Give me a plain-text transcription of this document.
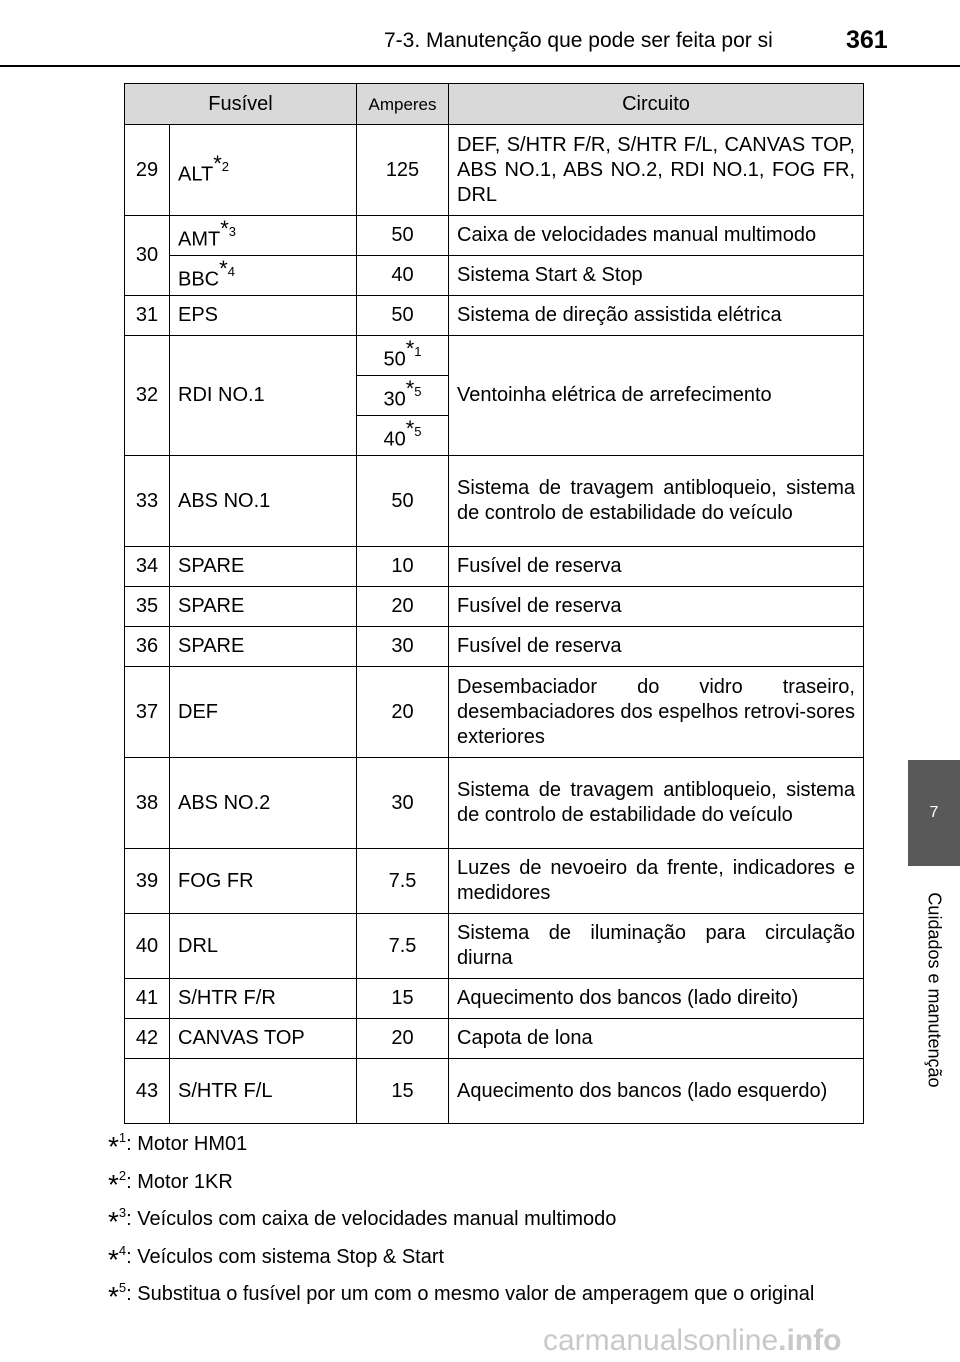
7-3. Manutenção que pode ser feita por si	361
7
Cuidados e manutenção
Fusível		Amperes	Circuito
29	ALT$^{*2}$	125	DEF, S/HTR F/R, S/HTR F/L, CANVAS TOP, ABS NO.1, ABS NO.2, RDI NO.1, FOG FR, DRL
30	AMT$^{*3}$	50	Caixa de velocidades manual multimodo
	BBC$^{*4}$	40	Sistema Start & Stop
31	EPS	50	Sistema de direção assistida elétrica
32	RDI NO.1	50$^{*1}$	Ventoinha elétrica de arrefecimento
		30$^{*5}$
		40$^{*5}$
33	ABS NO.1	50	Sistema de travagem antibloqueio, sistema de controlo de estabilidade do veículo
34	SPARE	10	Fusível de reserva
35	SPARE	20	Fusível de reserva
36	SPARE	30	Fusível de reserva
37	DEF	20	Desembaciador do vidro traseiro, desembaciadores dos espelhos retrovi-sores exteriores
38	ABS NO.2	30	Sistema de travagem antibloqueio, sistema de controlo de estabilidade do veículo
39	FOG FR	7.5	Luzes de nevoeiro da frente, indicadores e medidores
40	DRL	7.5	Sistema de iluminação para circulação diurna
41	S/HTR F/R	15	Aquecimento dos bancos (lado direito)
42	CANVAS TOP	20	Capota de lona
43	S/HTR F/L	15	Aquecimento dos bancos (lado esquerdo)
*$^1$: Motor HM01
*$^2$: Motor 1KR
*$^3$: Veículos com caixa de velocidades manual multimodo
*$^4$: Veículos com sistema Stop & Start
*$^5$: Substitua o fusível por um com o mesmo valor de amperagem que o original
carmanualsonline.info
